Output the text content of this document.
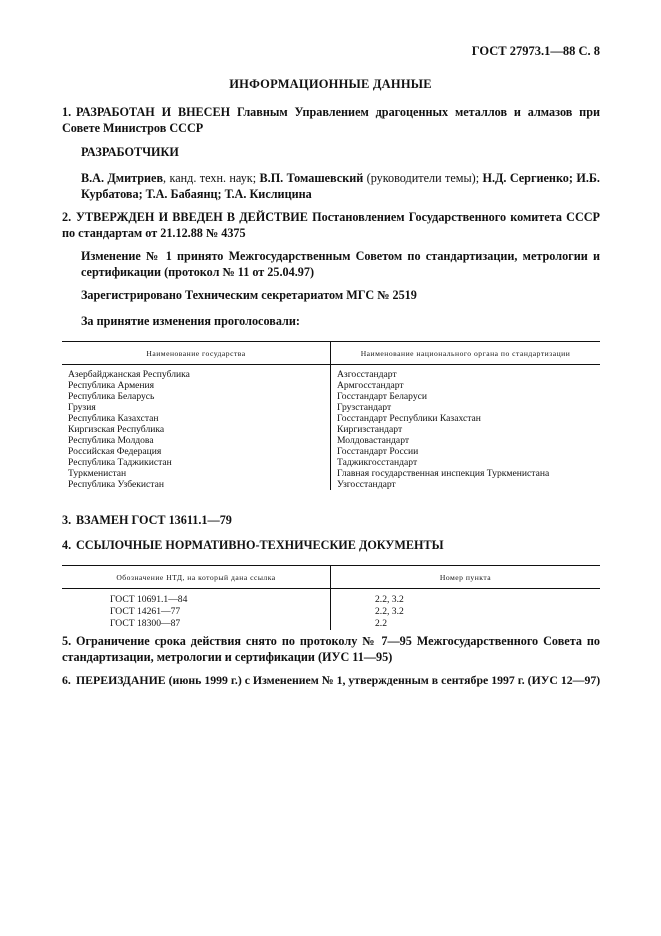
ГОСТ 27973.1—88 С. 8
ИНФОРМАЦИОННЫЕ ДАННЫЕ
1. РАЗРАБОТАН И ВНЕСЕН Главным Управлением драгоценных металлов и алмазов при Совете Министров СССР
РАЗРАБОТЧИКИ
В.А. Дмитриев, канд. техн. наук; В.П. Томашевский (руководители темы); Н.Д. Сергиенко; И.Б. Курбатова; Т.А. Бабаянц; Т.А. Кислицина
2. УТВЕРЖДЕН И ВВЕДЕН В ДЕЙСТВИЕ Постановлением Государственного комитета СССР по стандартам от 21.12.88 № 4375
Изменение № 1 принято Межгосударственным Советом по стандартизации, метрологии и сертификации (протокол № 11 от 25.04.97)
Зарегистрировано Техническим секретариатом МГС № 2519
За принятие изменения проголосовали:
Наименование государства	Наименование национального органа по стандартизации

Азербайджанская Республика	Азгосстандарт
Республика Армения	Армгосстандарт
Республика Беларусь	Госстандарт Беларуси
Грузия	Грузстандарт
Республика Казахстан	Госстандарт Республики Казахстан
Киргизская Республика	Киргизстандарт
Республика Молдова	Молдовастандарт
Российская Федерация	Госстандарт России
Республика Таджикистан	Таджикгосстандарт
Туркменистан	Главная государственная инспекция Туркменистана
Республика Узбекистан	Узгосстандарт
3. ВЗАМЕН ГОСТ 13611.1—79
4. ССЫЛОЧНЫЕ НОРМАТИВНО-ТЕХНИЧЕСКИЕ ДОКУМЕНТЫ
Обозначение НТД, на который дана ссылка	Номер пункта

ГОСТ 10691.1—84	2.2, 3.2
ГОСТ 14261—77	2.2, 3.2
ГОСТ 18300—87	2.2
5. Ограничение срока действия снято по протоколу № 7—95 Межгосударственного Совета по стандартизации, метрологии и сертификации (ИУС 11—95)
6. ПЕРЕИЗДАНИЕ (июнь 1999 г.) с Изменением № 1, утвержденным в сентябре 1997 г. (ИУС 12—97)
